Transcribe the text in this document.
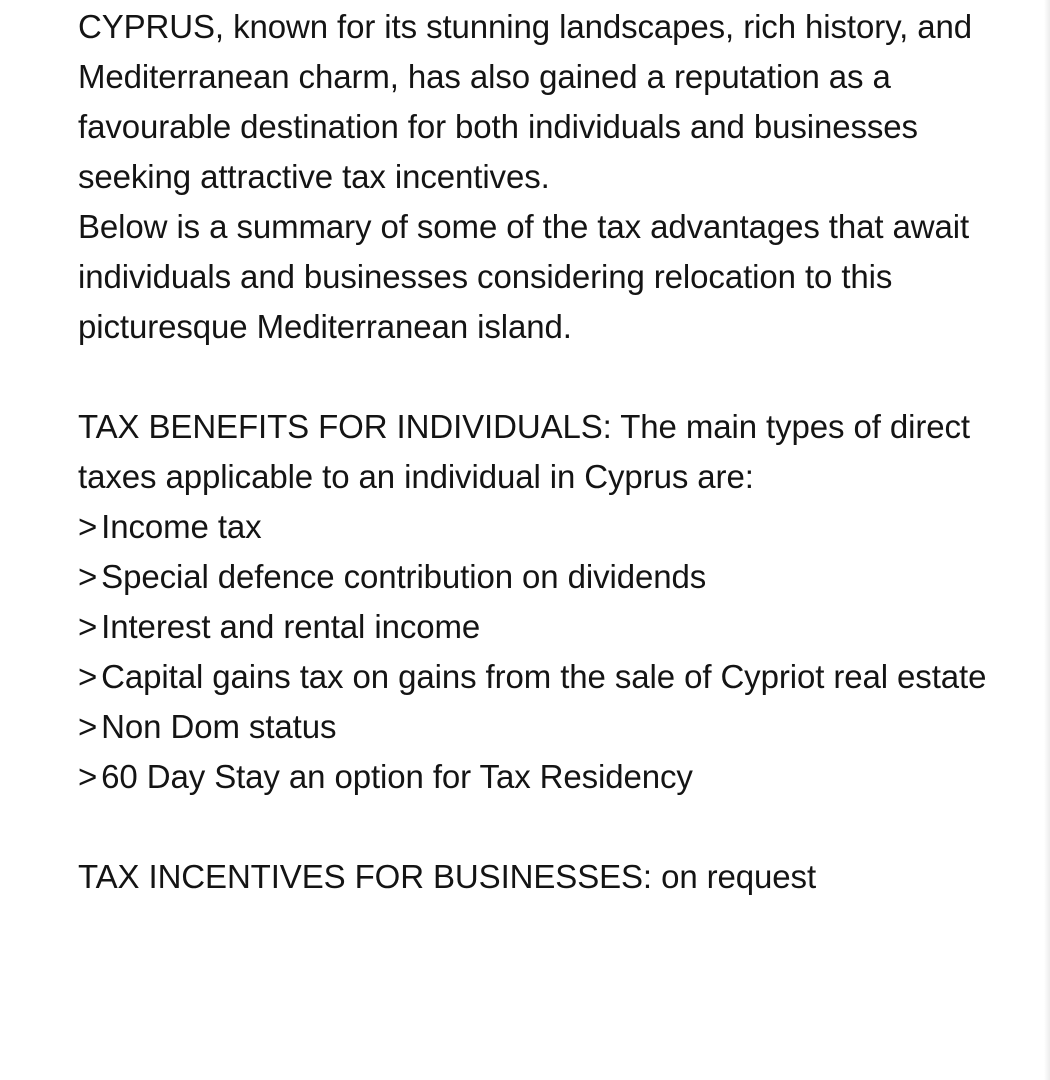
CYPRUS, known for its stunning landscapes, rich history, and Mediterranean charm, has also gained a reputation as a favourable destination for both individuals and businesses seeking attractive tax incentives.

Below is a summary of some of the tax advantages that await individuals and businesses considering relocation to this picturesque Mediterranean island.

TAX BENEFITS FOR INDIVIDUALS: The main types of direct taxes applicable to an individual in Cyprus are:

> Income tax
> Special defence contribution on dividends
> Interest and rental income
> Capital gains tax on gains from the sale of Cypriot real estate
> Non Dom status
> 60 Day Stay an option for Tax Residency

TAX INCENTIVES FOR BUSINESSES: on request
